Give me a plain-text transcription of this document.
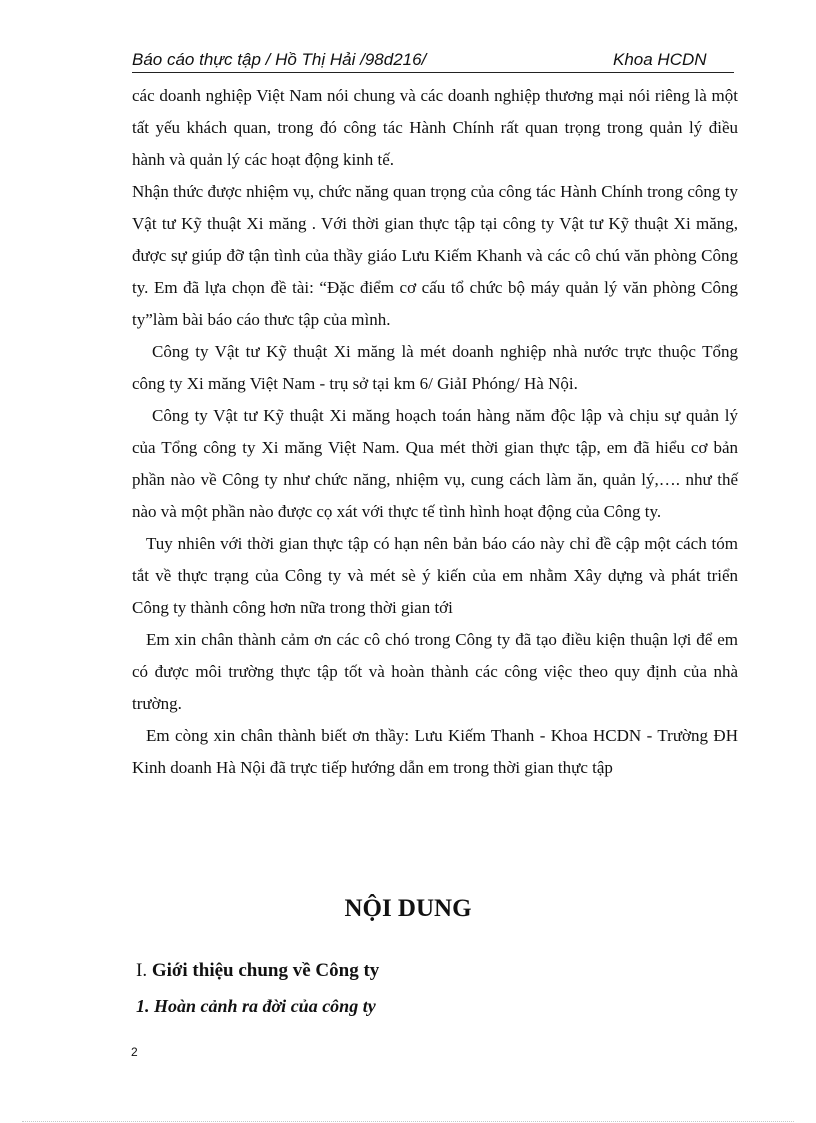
Báo cáo thực tập / Hồ Thị Hải /98d216/	Khoa HCDN

các doanh nghiệp Việt Nam nói chung và các doanh nghiệp thương mại nói riêng là một tất yếu khách quan, trong đó công tác Hành Chính rất quan trọng trong quản lý điều hành và quản lý các hoạt động kinh tế.

Nhận thức được nhiệm vụ, chức năng quan trọng của công tác Hành Chính trong công ty Vật tư Kỹ thuật Xi măng . Với thời gian thực tập tại công ty Vật tư Kỹ thuật Xi măng, được sự giúp đỡ tận tình của thầy giáo Lưu Kiếm Khanh và các cô chú văn phòng Công ty. Em đã lựa chọn đề tài: “Đặc điểm cơ cấu tổ chức bộ máy quản lý văn phòng Công ty”làm bài báo cáo thưc tập của mình.

Công ty Vật tư Kỹ thuật Xi măng là mét doanh nghiệp nhà nước trực thuộc Tổng công ty Xi măng Việt Nam - trụ sở tại km 6/ GiảI Phóng/ Hà Nội.

Công ty Vật tư Kỹ thuật Xi măng hoạch toán hàng năm độc lập và chịu sự quản lý của Tổng công ty Xi măng Việt Nam. Qua mét thời gian thực tập, em đã hiểu cơ bản phần nào về Công ty như chức năng, nhiệm vụ, cung cách làm ăn, quản lý,…. như thế nào và một phần nào được cọ xát với thực tế tình hình hoạt động của Công ty.

Tuy nhiên với thời gian thực tập có hạn nên bản báo cáo này chỉ đề cập một cách tóm tắt về thực trạng của Công ty và mét sè ý kiến của em nhằm Xây dựng và phát triển Công ty thành công hơn nữa trong thời gian tới

Em xin chân thành cảm ơn các cô chó trong Công ty đã tạo điều kiện thuận lợi để em có được môi trường thực tập tốt và hoàn thành các công việc theo quy định của nhà trường.

Em còng xin chân thành biết ơn thầy: Lưu Kiếm Thanh - Khoa HCDN - Trường ĐH Kinh doanh Hà Nội đã trực tiếp hướng dẫn em trong thời gian thực tập

NỘI DUNG
I. Giới thiệu chung về Công ty
1. Hoàn cảnh ra đời của công ty
2
